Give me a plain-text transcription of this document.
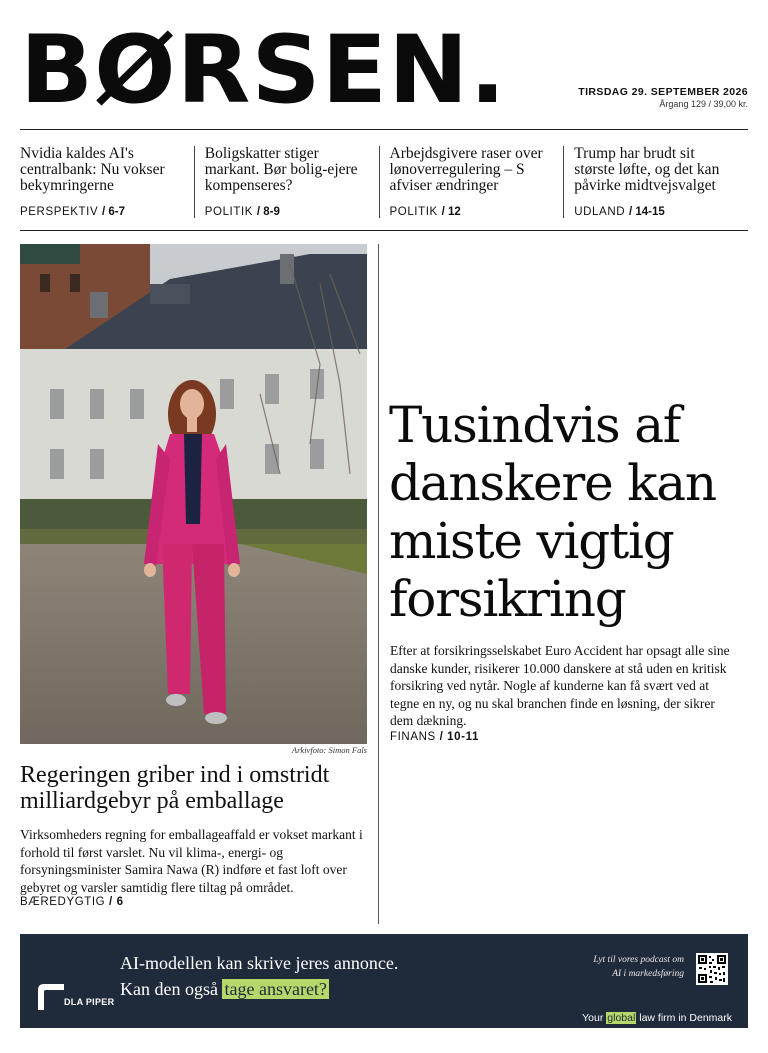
BØRSEN.	TIRSDAG 29. SEPTEMBER 2026
Årgang 129 / 39,00 kr.
Nvidia kaldes AI's centralbank: Nu vokser bekymringerne
PERSPEKTIV / 6-7
Boligskatter stiger markant. Bør bolig-ejere kompenseres?
POLITIK / 8-9
Arbejdsgivere raser over lønoverregulering – S afviser ændringer
POLITIK / 12
Trump har brudt sit største løfte, og det kan påvirke midtvejsvalget
UDLAND / 14-15
Arkivfoto: Simon Fals
Regeringen griber ind i omstridt milliardgebyr på emballage

Virksomheders regning for emballageaffald er vokset markant i forhold til først varslet. Nu vil klima-, energi- og forsyningsminister Samira Nawa (R) indføre et fast loft over gebyret og varsler samtidig flere tiltag på området.

BÆREDYGTIG / 6
Tusindvis af danskere kan miste vigtig forsikring

Efter at forsikringsselskabet Euro Accident har opsagt alle sine danske kunder, risikerer 10.000 danskere at stå uden en kritisk forsikring ved nytår. Nogle af kunderne kan få svært ved at tegne en ny, og nu skal branchen finde en løsning, der sikrer dem dækning.

FINANS / 10-11
DLA PIPER
AI-modellen kan skrive jeres annonce.
Kan den også tage ansvaret?
Lyt til vores podcast om
AI i markedsføring
Your global law firm in Denmark
